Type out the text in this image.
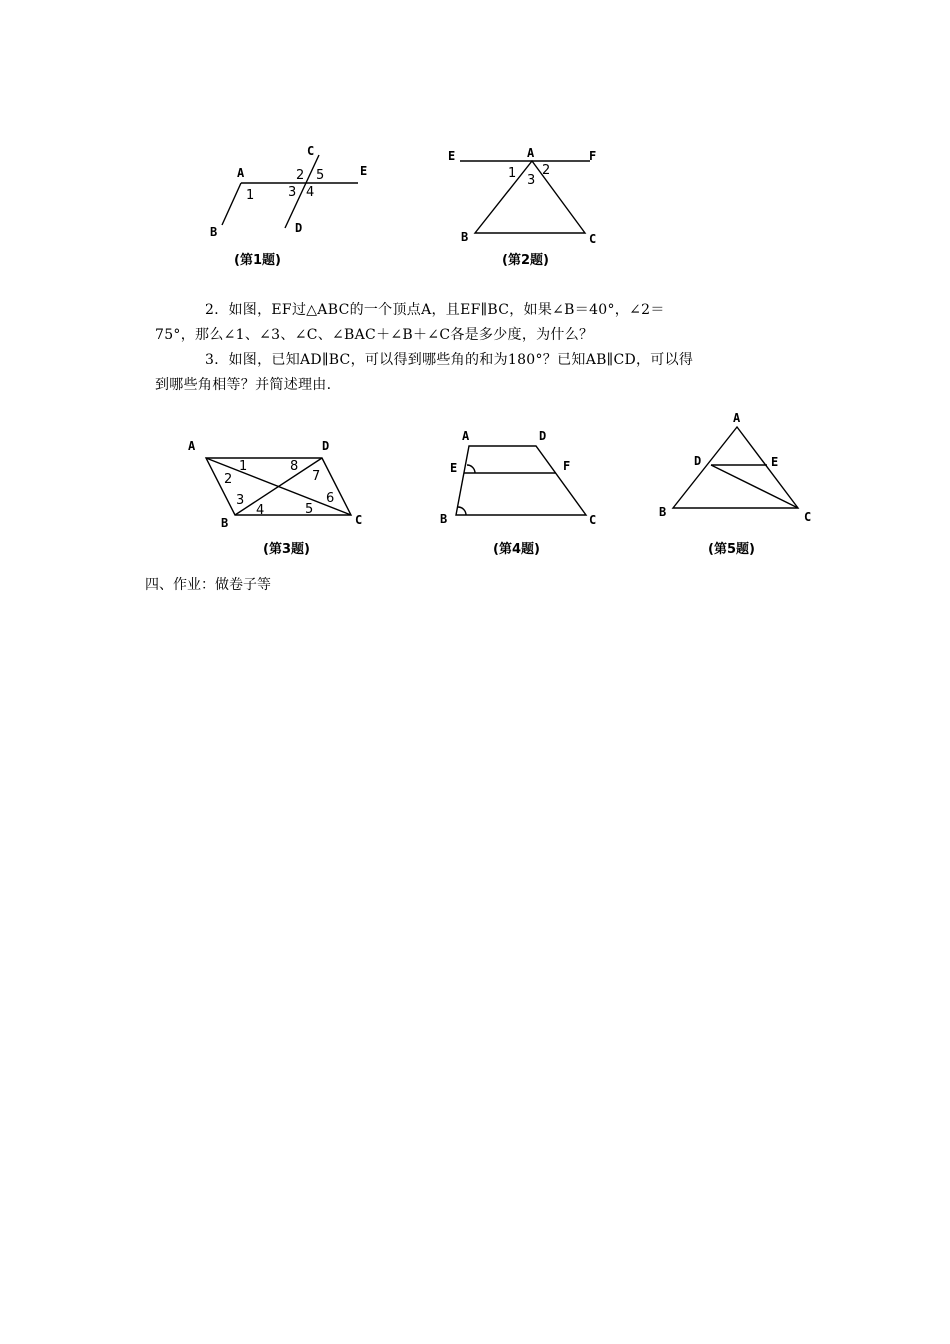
A
B
C
D
E
1
2 5
3 4
(第1题)
E	A	F
B	C
1 2
3
(第2题)

2．如图，EF过△ABC的一个顶点A，且EF∥BC，如果∠B＝40°，∠2＝
75°，那么∠1、∠3、∠C、∠BAC＋∠B＋∠C各是多少度，为什么？

3．如图，已知AD∥BC，可以得到哪些角的和为180°？已知AB∥CD，可以得
到哪些角相等？并简述理由.

A	D
B	C
1	8
7
2
3
4	5
6
(第3题)
A	D
E	F
B	C
(第4题)
A
D	E
B	C
(第5题)

四、作业：做卷子等
